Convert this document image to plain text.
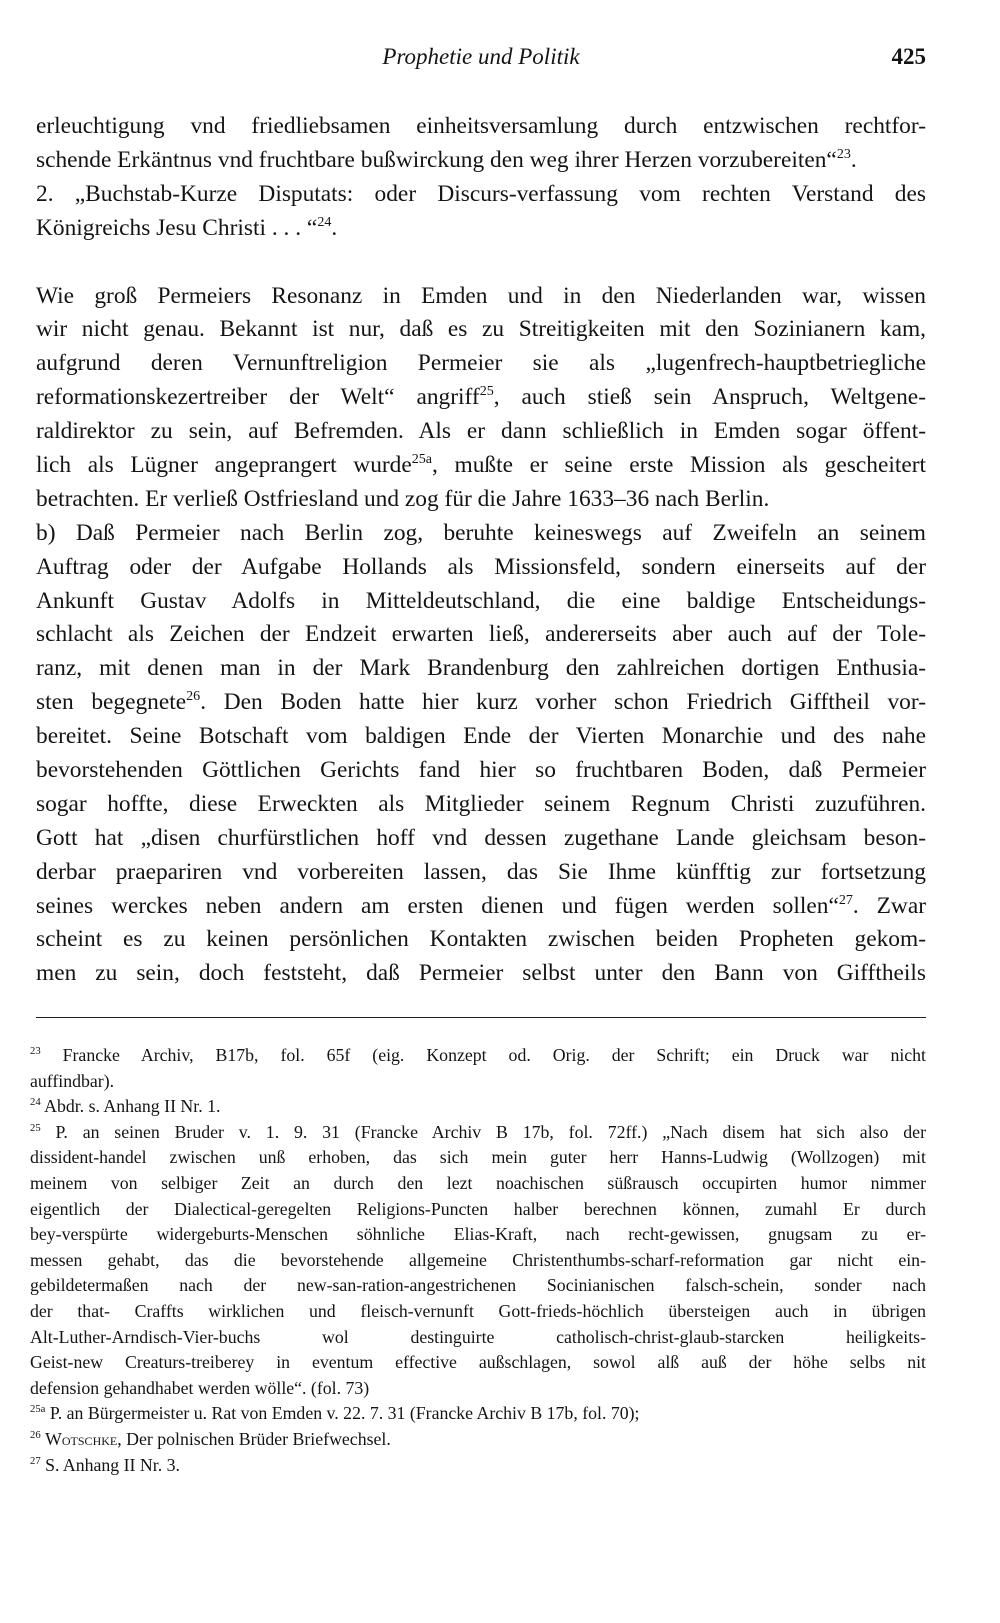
Prophetie und Politik	425
erleuchtigung vnd friedliebsamen einheitsversamlung durch entzwischen rechtfor-
schende Erkäntnus vnd fruchtbare bußwirckung den weg ihrer Herzen vorzubereiten“$^{23}$.
2. „Buchstab-Kurze Disputats: oder Discurs-verfassung vom rechten Verstand des
Königreichs Jesu Christi . . . “$^{24}$.
Wie groß Permeiers Resonanz in Emden und in den Niederlanden war, wissen
wir nicht genau. Bekannt ist nur, daß es zu Streitigkeiten mit den Sozinianern kam,
aufgrund deren Vernunftreligion Permeier sie als „lugenfrech-hauptbetriegliche
reformationskezertreiber der Welt“ angriff$^{25}$, auch stieß sein Anspruch, Weltgene-
raldirektor zu sein, auf Befremden. Als er dann schließlich in Emden sogar öffent-
lich als Lügner angeprangert wurde$^{25a}$, mußte er seine erste Mission als gescheitert
betrachten. Er verließ Ostfriesland und zog für die Jahre 1633–36 nach Berlin.
b) Daß Permeier nach Berlin zog, beruhte keineswegs auf Zweifeln an seinem
Auftrag oder der Aufgabe Hollands als Missionsfeld, sondern einerseits auf der
Ankunft Gustav Adolfs in Mitteldeutschland, die eine baldige Entscheidungs-
schlacht als Zeichen der Endzeit erwarten ließ, andererseits aber auch auf der Tole-
ranz, mit denen man in der Mark Brandenburg den zahlreichen dortigen Enthusia-
sten begegnete$^{26}$. Den Boden hatte hier kurz vorher schon Friedrich Gifftheil vor-
bereitet. Seine Botschaft vom baldigen Ende der Vierten Monarchie und des nahe
bevorstehenden Göttlichen Gerichts fand hier so fruchtbaren Boden, daß Permeier
sogar hoffte, diese Erweckten als Mitglieder seinem Regnum Christi zuzuführen.
Gott hat „disen churfürstlichen hoff vnd dessen zugethane Lande gleichsam beson-
derbar praepariren vnd vorbereiten lassen, das Sie Ihme künfftig zur fortsetzung
seines werckes neben andern am ersten dienen und fügen werden sollen“$^{27}$. Zwar
scheint es zu keinen persönlichen Kontakten zwischen beiden Propheten gekom-
men zu sein, doch feststeht, daß Permeier selbst unter den Bann von Gifftheils
$^{23}$ Francke Archiv, B17b, fol. 65f (eig. Konzept od. Orig. der Schrift; ein Druck war nicht
auffindbar).
$^{24}$ Abdr. s. Anhang II Nr. 1.
$^{25}$ P. an seinen Bruder v. 1. 9. 31 (Francke Archiv B 17b, fol. 72ff.) „Nach disem hat sich also der
dissident-handel zwischen unß erhoben, das sich mein guter herr Hanns-Ludwig (Wollzogen) mit
meinem von selbiger Zeit an durch den lezt noachischen süßrausch occupirten humor nimmer
eigentlich der Dialectical-geregelten Religions-Puncten halber berechnen können, zumahl Er durch
bey-verspürte widergeburts-Menschen söhnliche Elias-Kraft, nach recht-gewissen, gnugsam zu er-
messen gehabt, das die bevorstehende allgemeine Christenthumbs-scharf-reformation gar nicht ein-
gebildetermaßen nach der new-san-ration-angestrichenen Socinianischen falsch-schein, sonder nach
der that- Craffts wirklichen und fleisch-vernunft Gott-frieds-höchlich übersteigen auch in übrigen
Alt-Luther-Arndisch-Vier-buchs wol destinguirte catholisch-christ-glaub-starcken heiligkeits-
Geist-new Creaturs-treiberey in eventum effective außschlagen, sowol alß auß der höhe selbs nit
defension gehandhabet werden wölle“. (fol. 73)
$^{25a}$ P. an Bürgermeister u. Rat von Emden v. 22. 7. 31 (Francke Archiv B 17b, fol. 70);
$^{26}$ Wotschke, Der polnischen Brüder Briefwechsel.
$^{27}$ S. Anhang II Nr. 3.
